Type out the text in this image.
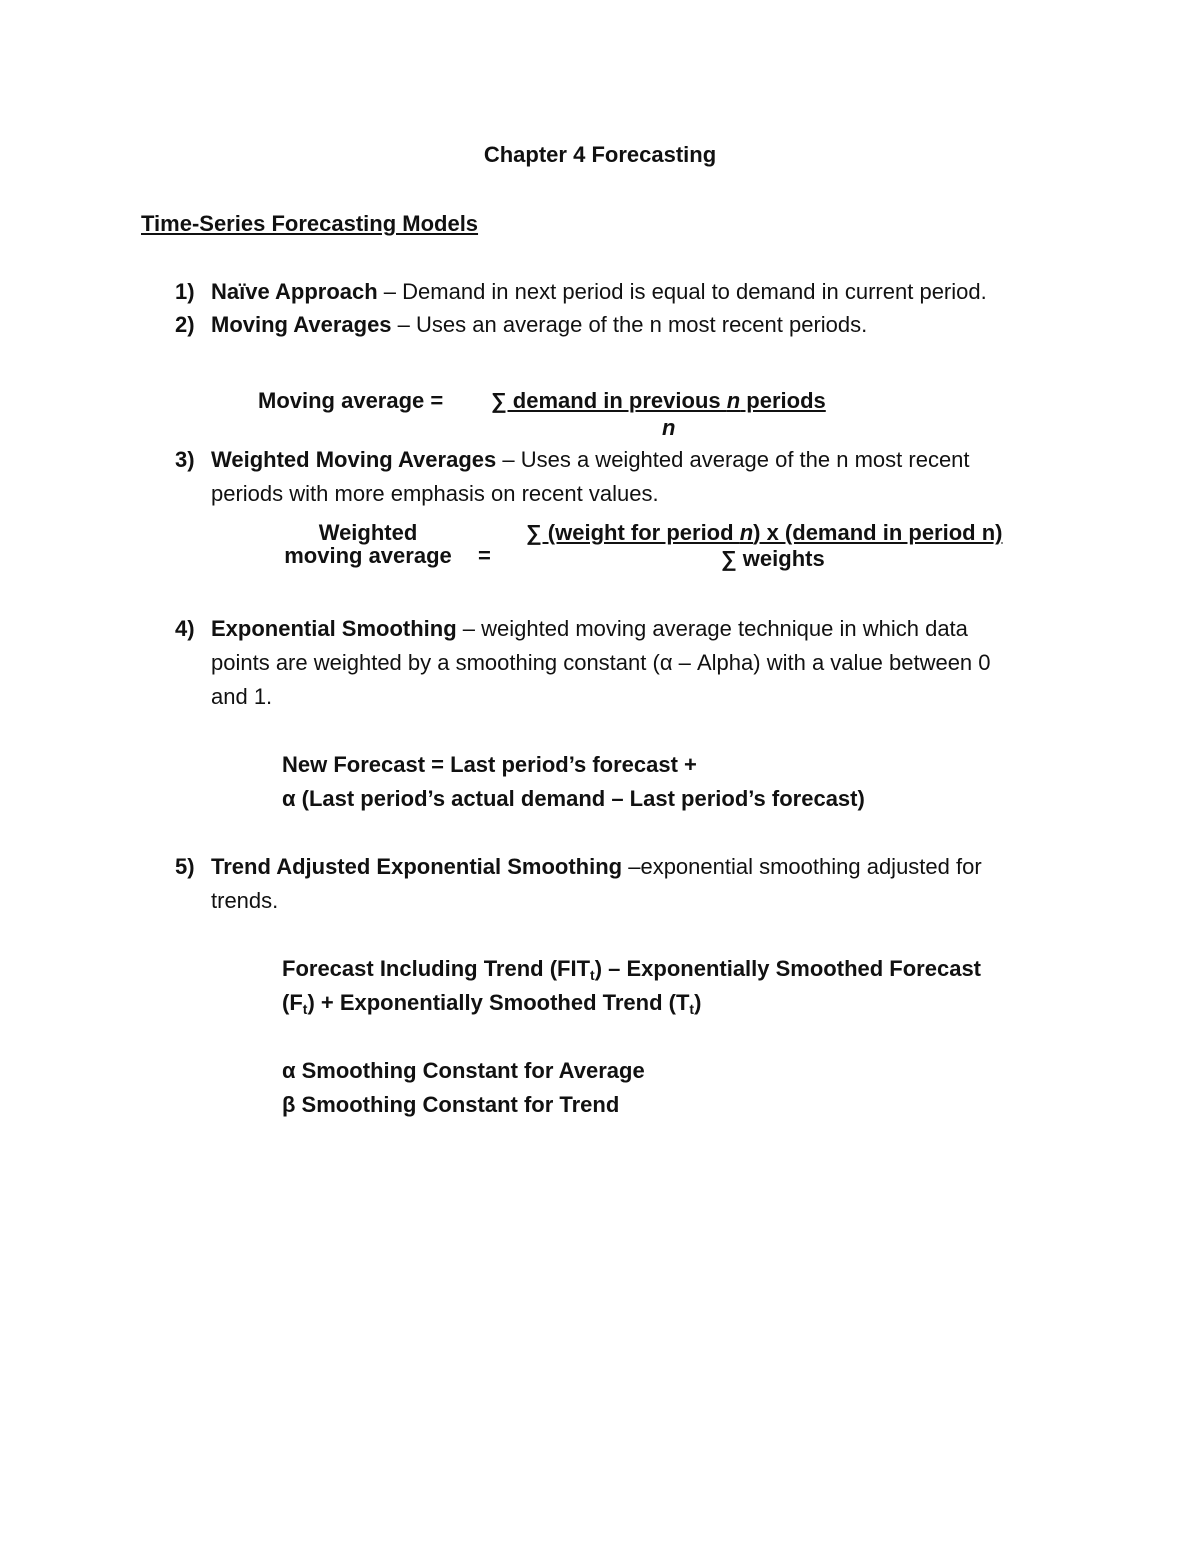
Chapter 4 Forecasting
Time-Series Forecasting Models
1) Naïve Approach – Demand in next period is equal to demand in current period.
2) Moving Averages – Uses an average of the n most recent periods.
Moving average = ∑ demand in previous n periods
n
3) Weighted Moving Averages – Uses a weighted average of the n most recent
periods with more emphasis on recent values.
Weighted
moving average	=
∑ (weight for period n) x (demand in period n)
∑ weights
4) Exponential Smoothing – weighted moving average technique in which data
points are weighted by a smoothing constant (α – Alpha) with a value between 0
and 1.
New Forecast = Last period’s forecast +
α (Last period’s actual demand – Last period’s forecast)
5) Trend Adjusted Exponential Smoothing –exponential smoothing adjusted for
trends.
Forecast Including Trend $(FIT_t)$ – Exponentially Smoothed Forecast
$(F_t)$ + Exponentially Smoothed Trend $(T_t)$
α Smoothing Constant for Average
β Smoothing Constant for Trend
